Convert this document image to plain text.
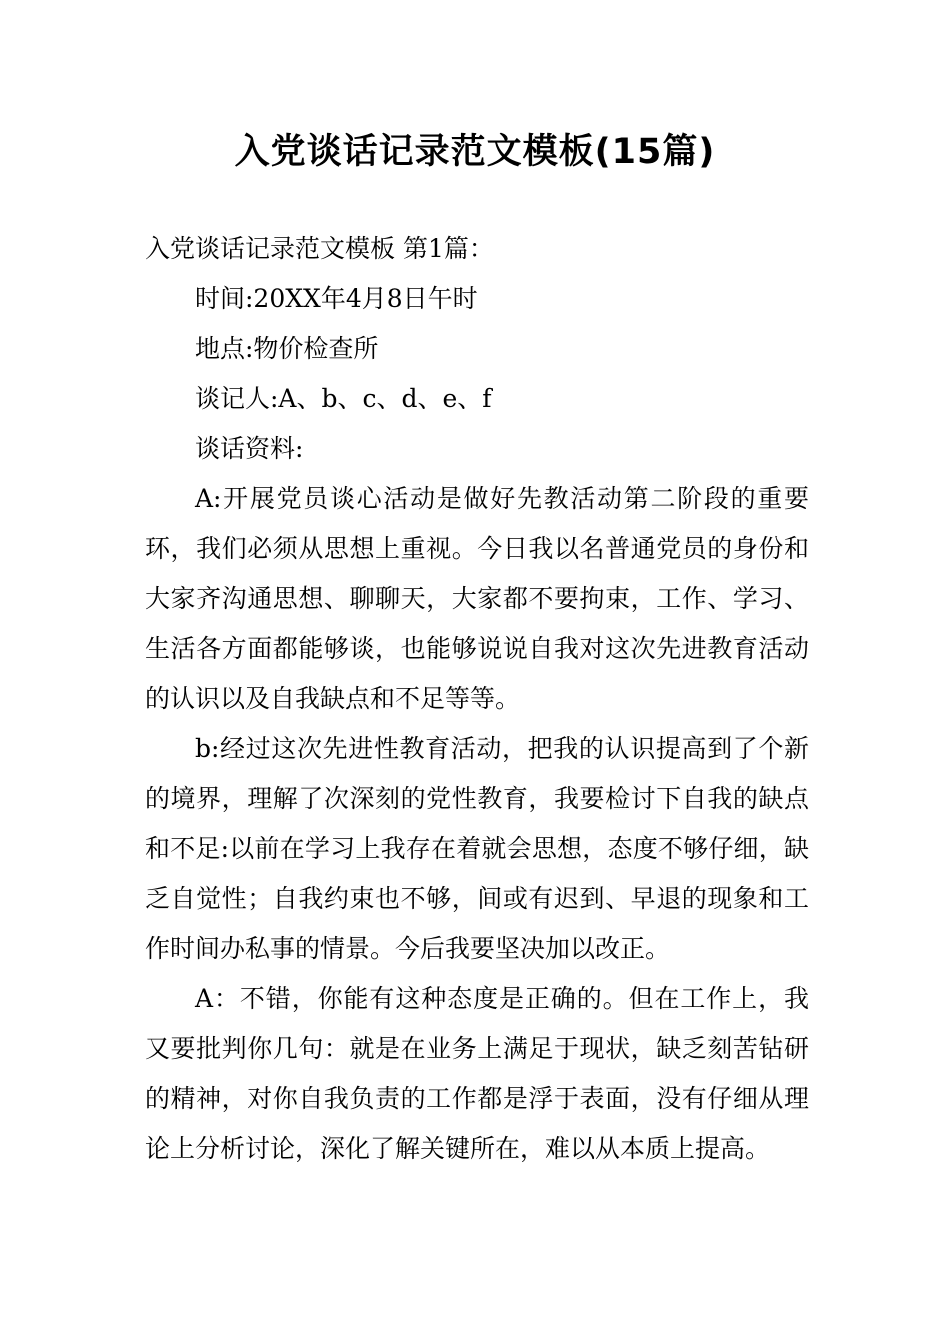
入党谈话记录范文模板(15篇)

入党谈话记录范文模板 第1篇：

时间:20XX年4月8日午时

地点:物价检查所

谈记人:A、b、c、d、e、f

谈话资料:

A:开展党员谈心活动是做好先教活动第二阶段的重要环，我们必须从思想上重视。今日我以名普通党员的身份和大家齐沟通思想、聊聊天，大家都不要拘束，工作、学习、生活各方面都能够谈，也能够说说自我对这次先进教育活动的认识以及自我缺点和不足等等。

b:经过这次先进性教育活动，把我的认识提高到了个新的境界，理解了次深刻的党性教育，我要检讨下自我的缺点和不足:以前在学习上我存在着就会思想，态度不够仔细，缺乏自觉性；自我约束也不够，间或有迟到、早退的现象和工作时间办私事的情景。今后我要坚决加以改正。

A：不错，你能有这种态度是正确的。但在工作上，我又要批判你几句：就是在业务上满足于现状，缺乏刻苦钻研的精神，对你自我负责的工作都是浮于表面，没有仔细从理论上分析讨论，深化了解关键所在，难以从本质上提高。
